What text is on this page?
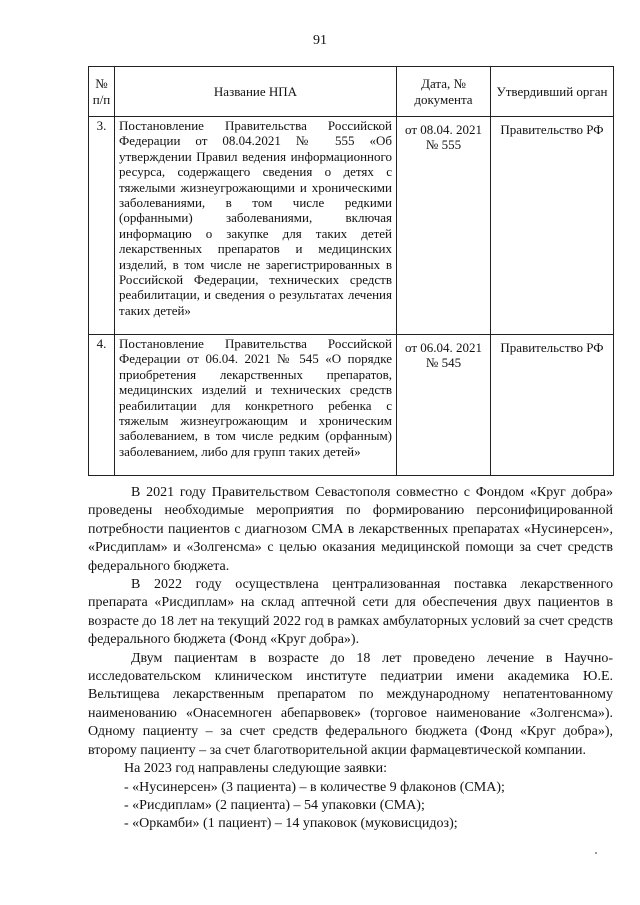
91
№ п/п	Название НПА	Дата, № документа	Утвердивший орган
3.	Постановление Правительства Российской Федерации от 08.04.2021 № 555 «Об утверждении Правил ведения информационного ресурса, содержащего сведения о детях с тяжелыми жизнеугрожающими и хроническими заболеваниями, в том числе редкими (орфанными) заболеваниями, включая информацию о закупке для таких детей лекарственных препаратов и медицинских изделий, в том числе не зарегистрированных в Российской Федерации, технических средств реабилитации, и сведения о результатах лечения таких детей»	от 08.04. 2021 № 555	Правительство РФ
4.	Постановление Правительства Российской Федерации от 06.04. 2021 № 545 «О порядке приобретения лекарственных препаратов, медицинских изделий и технических средств реабилитации для конкретного ребенка с тяжелым жизнеугрожающим и хроническим заболеванием, в том числе редким (орфанным) заболеванием, либо для групп таких детей»	от 06.04. 2021 № 545	Правительство РФ

В 2021 году Правительством Севастополя совместно с Фондом «Круг добра» проведены необходимые мероприятия по формированию персонифицированной потребности пациентов с диагнозом СМА в лекарственных препаратах «Нусинерсен», «Рисдиплам» и «Золгенсма» с целью оказания медицинской помощи за счет средств федерального бюджета.

В 2022 году осуществлена централизованная поставка лекарственного препарата «Рисдиплам» на склад аптечной сети для обеспечения двух пациентов в возрасте до 18 лет на текущий 2022 год в рамках амбулаторных условий за счет средств федерального бюджета (Фонд «Круг добра»).

Двум пациентам в возрасте до 18 лет проведено лечение в Научно-исследовательском клиническом институте педиатрии имени академика Ю.Е. Вельтищева лекарственным препаратом по международному непатентованному наименованию «Онасемноген абепарвовек» (торговое наименование «Золгенсма»). Одному пациенту – за счет средств федерального бюджета (Фонд «Круг добра»), второму пациенту – за счет благотворительной акции фармацевтической компании.

На 2023 год направлены следующие заявки:

- «Нусинерсен» (3 пациента) – в количестве 9 флаконов (СМА);

- «Рисдиплам» (2 пациента) – 54 упаковки (СМА);

- «Оркамби» (1 пациент) – 14 упаковок (муковисцидоз);
